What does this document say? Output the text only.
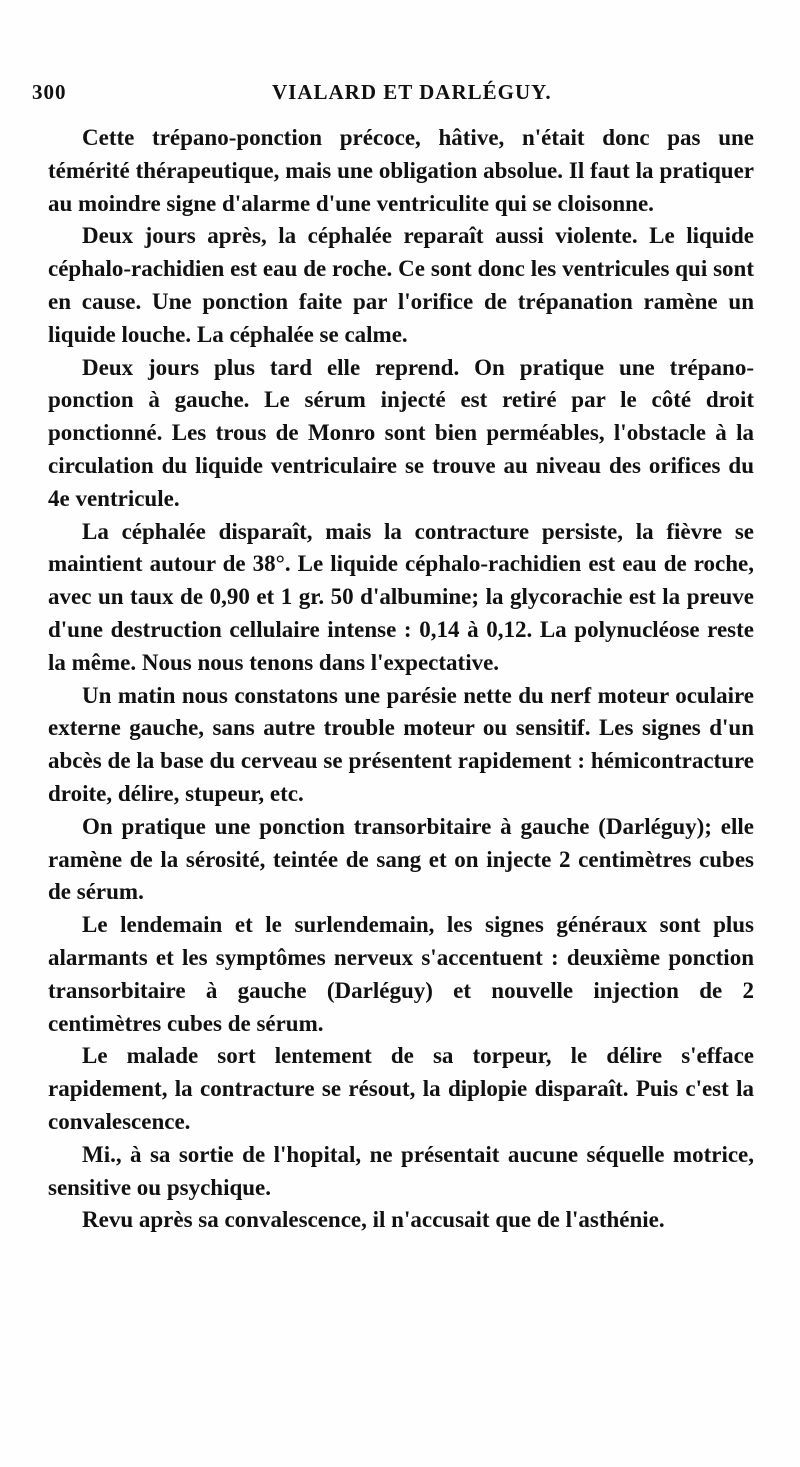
300	VIALARD ET DARLÉGUY.

Cette trépano-ponction précoce, hâtive, n'était donc pas une témérité thérapeutique, mais une obligation absolue. Il faut la pratiquer au moindre signe d'alarme d'une ventriculite qui se cloisonne.

Deux jours après, la céphalée reparaît aussi violente. Le liquide céphalo-rachidien est eau de roche. Ce sont donc les ventricules qui sont en cause. Une ponction faite par l'orifice de trépanation ramène un liquide louche. La céphalée se calme.

Deux jours plus tard elle reprend. On pratique une trépano-ponction à gauche. Le sérum injecté est retiré par le côté droit ponctionné. Les trous de Monro sont bien perméables, l'obstacle à la circulation du liquide ventriculaire se trouve au niveau des orifices du 4e ventricule.

La céphalée disparaît, mais la contracture persiste, la fièvre se maintient autour de 38°. Le liquide céphalo-rachidien est eau de roche, avec un taux de 0,90 et 1 gr. 50 d'albumine; la glycorachie est la preuve d'une destruction cellulaire intense : 0,14 à 0,12. La polynucléose reste la même. Nous nous tenons dans l'expectative.

Un matin nous constatons une parésie nette du nerf moteur oculaire externe gauche, sans autre trouble moteur ou sensitif. Les signes d'un abcès de la base du cerveau se présentent rapidement : hémicontracture droite, délire, stupeur, etc.

On pratique une ponction transorbitaire à gauche (Darléguy); elle ramène de la sérosité, teintée de sang et on injecte 2 centimètres cubes de sérum.

Le lendemain et le surlendemain, les signes généraux sont plus alarmants et les symptômes nerveux s'accentuent : deuxième ponction transorbitaire à gauche (Darléguy) et nouvelle injection de 2 centimètres cubes de sérum.

Le malade sort lentement de sa torpeur, le délire s'efface rapidement, la contracture se résout, la diplopie disparaît. Puis c'est la convalescence.

Mi., à sa sortie de l'hopital, ne présentait aucune séquelle motrice, sensitive ou psychique.

Revu après sa convalescence, il n'accusait que de l'asthénie.
